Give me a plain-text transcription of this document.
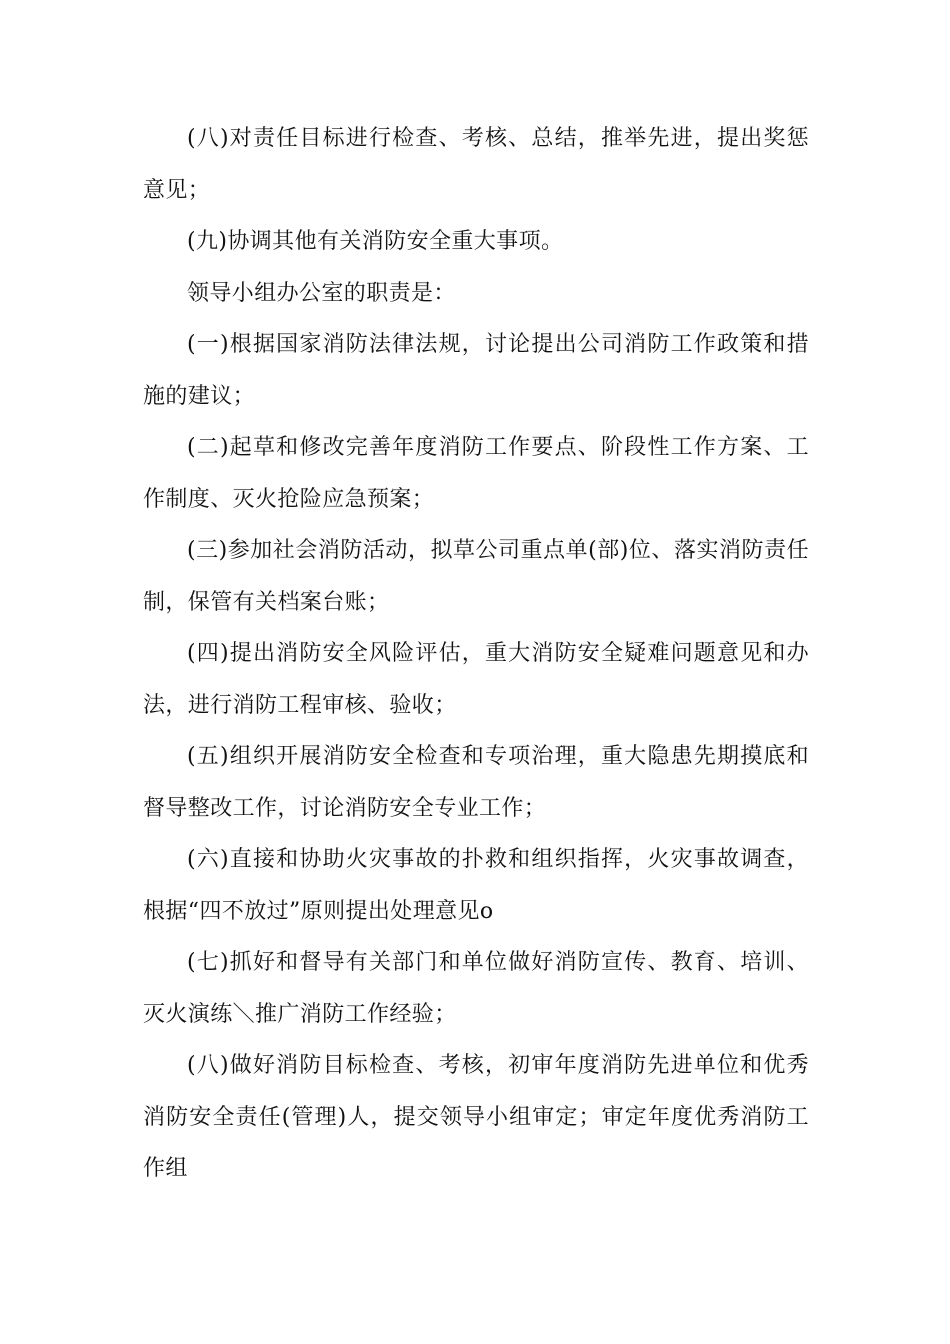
(八)对责任目标进行检查、考核、总结，推举先进，提出奖惩意见；

(九)协调其他有关消防安全重大事项。

领导小组办公室的职责是：

(一)根据国家消防法律法规，讨论提出公司消防工作政策和措施的建议；

(二)起草和修改完善年度消防工作要点、阶段性工作方案、工作制度、灭火抢险应急预案；

(三)参加社会消防活动，拟草公司重点单(部)位、落实消防责任制，保管有关档案台账；

(四)提出消防安全风险评估，重大消防安全疑难问题意见和办法，进行消防工程审核、验收；

(五)组织开展消防安全检查和专项治理，重大隐患先期摸底和督导整改工作，讨论消防安全专业工作；

(六)直接和协助火灾事故的扑救和组织指挥，火灾事故调查，根据“四不放过”原则提出处理意见o

(七)抓好和督导有关部门和单位做好消防宣传、教育、培训、灭火演练＼推广消防工作经验；

(八)做好消防目标检查、考核，初审年度消防先进单位和优秀消防安全责任(管理)人，提交领导小组审定；审定年度优秀消防工作组
